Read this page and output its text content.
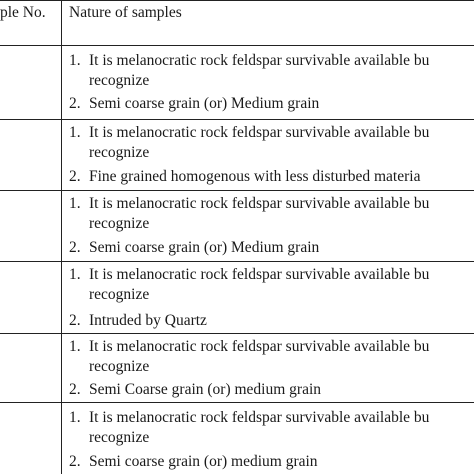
ple No. Nature of samples
1. It is melanocratic rock feldspar survivable available bu
recognize
2. Semi coarse grain (or) Medium grain
1. It is melanocratic rock feldspar survivable available bu
recognize
2. Fine grained homogenous with less disturbed materia
1. It is melanocratic rock feldspar survivable available bu
recognize
2. Semi coarse grain (or) Medium grain
1. It is melanocratic rock feldspar survivable available bu
recognize
2. Intruded by Quartz
1. It is melanocratic rock feldspar survivable available bu
recognize
2. Semi Coarse grain (or) medium grain
1. It is melanocratic rock feldspar survivable available bu
recognize
2. Semi coarse grain (or) medium grain
